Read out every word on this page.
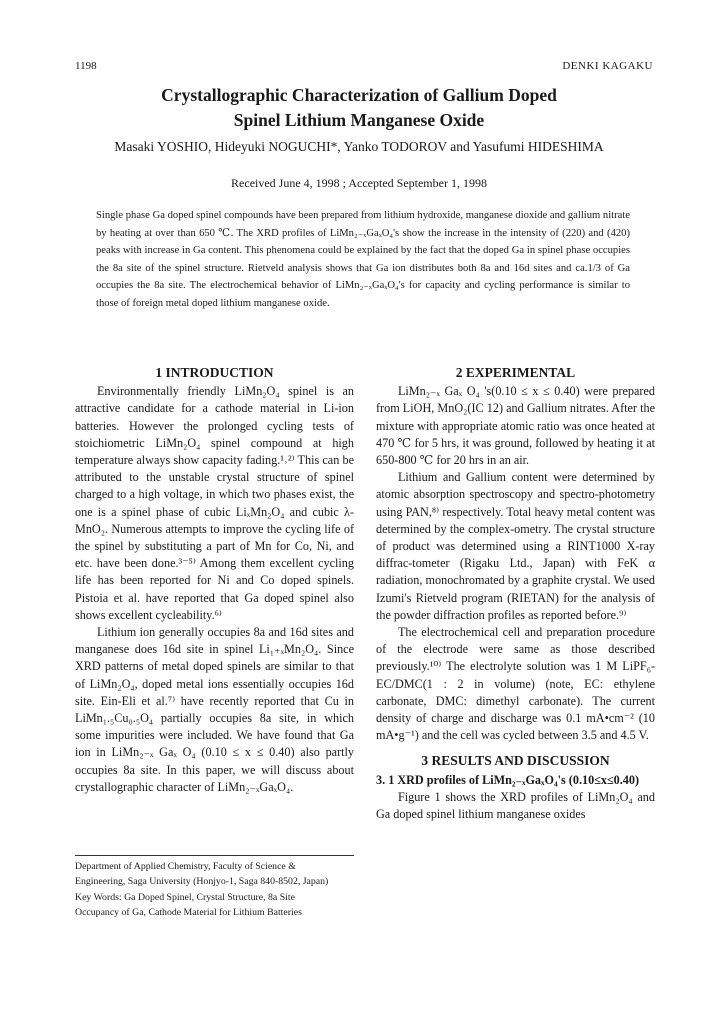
1198	DENKI KAGAKU
Crystallographic Characterization of Gallium Doped
Spinel Lithium Manganese Oxide
Masaki YOSHIO, Hideyuki NOGUCHI*, Yanko TODOROV and Yasufumi HIDESHIMA
Received June 4, 1998 ; Accepted September 1, 1998
Single phase Ga doped spinel compounds have been prepared from lithium hydroxide, manganese dioxide and gallium nitrate by heating at over than 650 ℃. The XRD profiles of LiMn₂₋ₓGaₓO₄'s show the increase in the intensity of (220) and (420) peaks with increase in Ga content. This phenomena could be explained by the fact that the doped Ga in spinel phase occupies the 8a site of the spinel structure. Rietveld analysis shows that Ga ion distributes both 8a and 16d sites and ca.1/3 of Ga occupies the 8a site. The electrochemical behavior of LiMn₂₋ₓGaₓO₄'s for capacity and cycling performance is similar to those of foreign metal doped lithium manganese oxide.
1 INTRODUCTION

Environmentally friendly LiMn₂O₄ spinel is an attractive candidate for a cathode material in Li-ion batteries. However the prolonged cycling tests of stoichiometric LiMn₂O₄ spinel compound at high temperature always show capacity fading.¹˒²⁾ This can be attributed to the unstable crystal structure of spinel charged to a high voltage, in which two phases exist, the one is a spinel phase of cubic LiₓMn₂O₄ and cubic λ-MnO₂. Numerous attempts to improve the cycling life of the spinel by substituting a part of Mn for Co, Ni, and etc. have been done.³⁻⁵⁾ Among them excellent cycling life has been reported for Ni and Co doped spinels. Pistoia et al. have reported that Ga doped spinel also shows excellent cycleability.⁶⁾

Lithium ion generally occupies 8a and 16d sites and manganese does 16d site in spinel Li₁₊ₓMn₂O₄. Since XRD patterns of metal doped spinels are similar to that of LiMn₂O₄, doped metal ions essentially occupies 16d site. Ein-Eli et al.⁷⁾ have recently reported that Cu in LiMn₁.₅Cu₀.₅O₄ partially occupies 8a site, in which some impurities were included. We have found that Ga ion in LiMn₂₋ₓ Gaₓ O₄ (0.10 ≤ x ≤ 0.40) also partly occupies 8a site. In this paper, we will discuss about crystallographic character of LiMn₂₋ₓGaₓO₄.

2 EXPERIMENTAL

LiMn₂₋ₓ Gaₓ O₄ 's(0.10 ≤ x ≤ 0.40) were prepared from LiOH, MnO₂(IC 12) and Gallium nitrates. After the mixture with appropriate atomic ratio was once heated at 470 ℃ for 5 hrs, it was ground, followed by heating it at 650-800 ℃ for 20 hrs in an air.

Lithium and Gallium content were determined by atomic absorption spectroscopy and spectro-photometry using PAN,⁸⁾ respectively. Total heavy metal content was determined by the complex-ometry. The crystal structure of product was determined using a RINT1000 X-ray diffrac-tometer (Rigaku Ltd., Japan) with FeK α radiation, monochromated by a graphite crystal. We used Izumi's Rietveld program (RIETAN) for the analysis of the powder diffraction profiles as reported before.⁹⁾

The electrochemical cell and preparation procedure of the electrode were same as those described previously.¹⁰⁾ The electrolyte solution was 1 M LiPF₆-EC/DMC(1 : 2 in volume) (note, EC: ethylene carbonate, DMC: dimethyl carbonate). The current density of charge and discharge was 0.1 mA•cm⁻² (10 mA•g⁻¹) and the cell was cycled between 3.5 and 4.5 V.

3 RESULTS AND DISCUSSION
3. 1 XRD profiles of LiMn₂₋ₓGaₓO₄'s (0.10≤x≤0.40)

Figure 1 shows the XRD profiles of LiMn₂O₄ and Ga doped spinel lithium manganese oxides

Department of Applied Chemistry, Faculty of Science &
Engineering, Saga University (Honjyo-1, Saga 840-8502, Japan)
Key Words: Ga Doped Spinel, Crystal Structure, 8a Site
Occupancy of Ga, Cathode Material for Lithium Batteries
